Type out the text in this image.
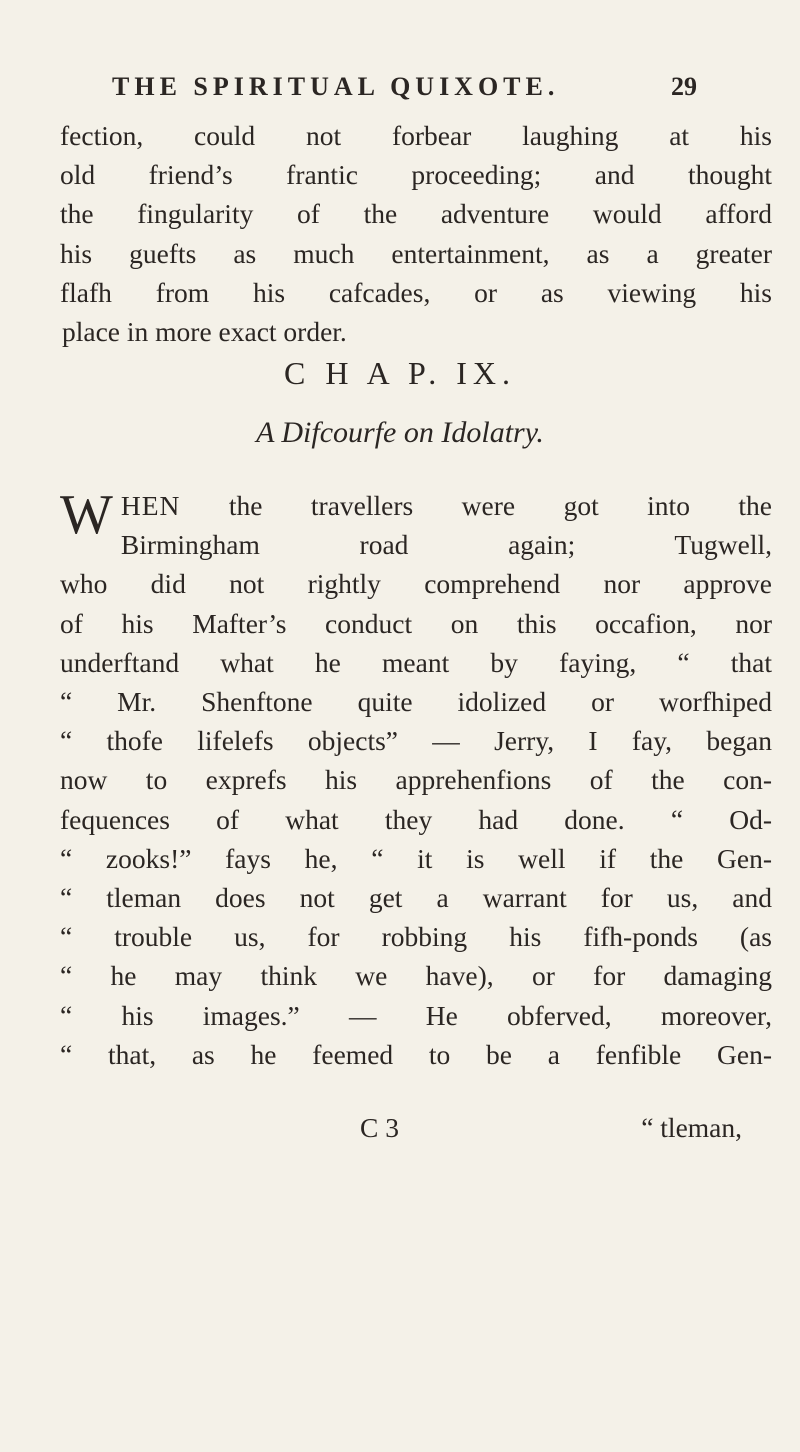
THE SPIRITUAL QUIXOTE.	29
fection, could not forbear laughing at his
old friend’s frantic proceeding; and thought
the fingularity of the adventure would afford
his guefts as much entertainment, as a greater
flafh from his cafcades, or as viewing his
place in more exact order.
C H A P. IX.
A Difcourfe on Idolatry.
W HEN the travellers were got into the
Birmingham road again; Tugwell,
who did not rightly comprehend nor approve
of his Mafter’s conduct on this occafion, nor
underftand what he meant by faying, “ that
“ Mr. Shenftone quite idolized or worfhiped
“ thofe lifelefs objects” — Jerry, I fay, began
now to exprefs his apprehenfions of the con-
fequences of what they had done. “ Od-
“ zooks!” fays he, “ it is well if the Gen-
“ tleman does not get a warrant for us, and
“ trouble us, for robbing his fifh-ponds (as
“ he may think we have), or for damaging
“ his images.” — He obferved, moreover,
“ that, as he feemed to be a fenfible Gen-
C 3	“ tleman,
